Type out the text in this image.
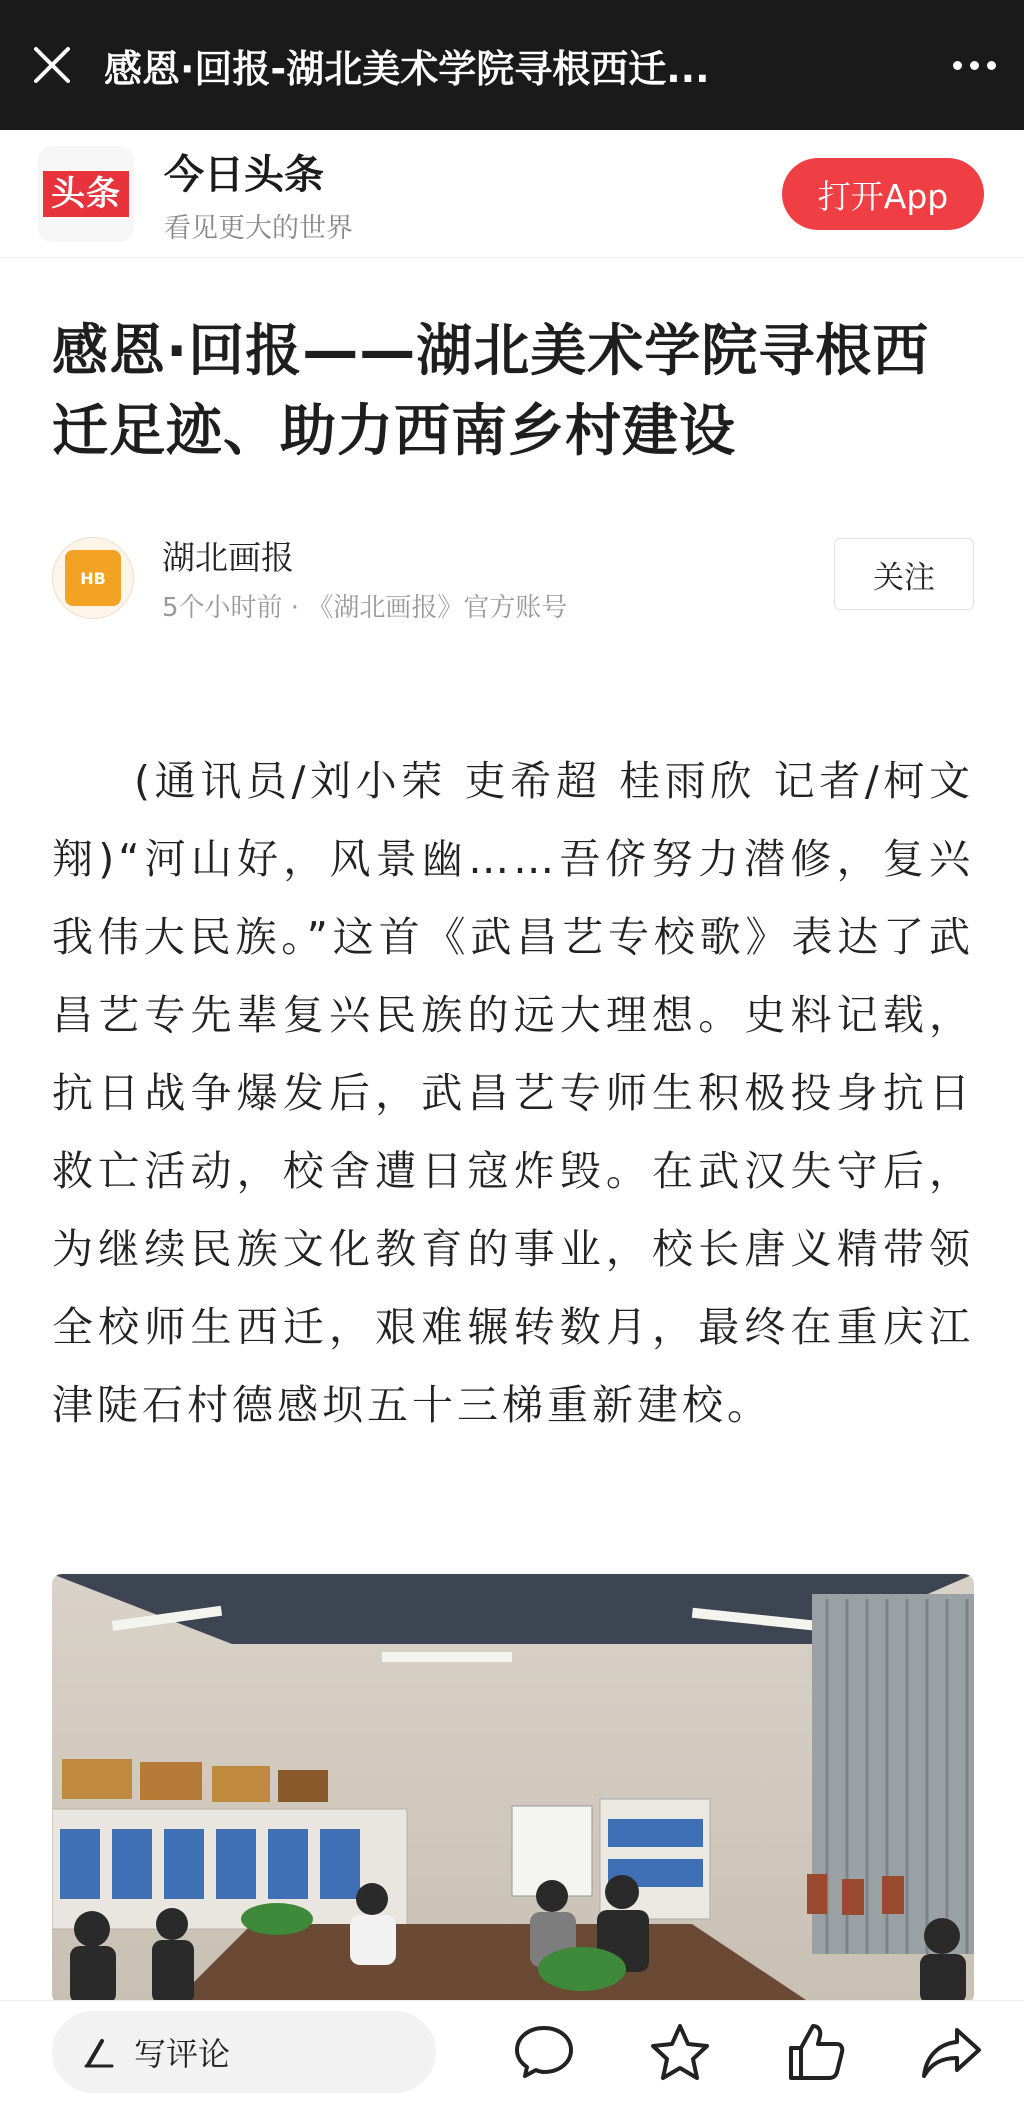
感恩·回报-湖北美术学院寻根西迁...
头条 今日头条
看见更大的世界
打开App
感恩·回报——湖北美术学院寻根西迁足迹、助力西南乡村建设
HB
湖北画报
5个小时前 · 《湖北画报》官方账号
关注

(通讯员/刘小荣 吏希超 桂雨欣 记者/柯文翔)“河山好，风景幽……吾侪努力潜修，复兴我伟大民族。”这首《武昌艺专校歌》表达了武昌艺专先辈复兴民族的远大理想。史料记载，抗日战争爆发后，武昌艺专师生积极投身抗日救亡活动，校舍遭日寇炸毁。在武汉失守后，为继续民族文化教育的事业，校长唐义精带领全校师生西迁，艰难辗转数月，最终在重庆江津陡石村德感坝五十三梯重新建校。

写评论
